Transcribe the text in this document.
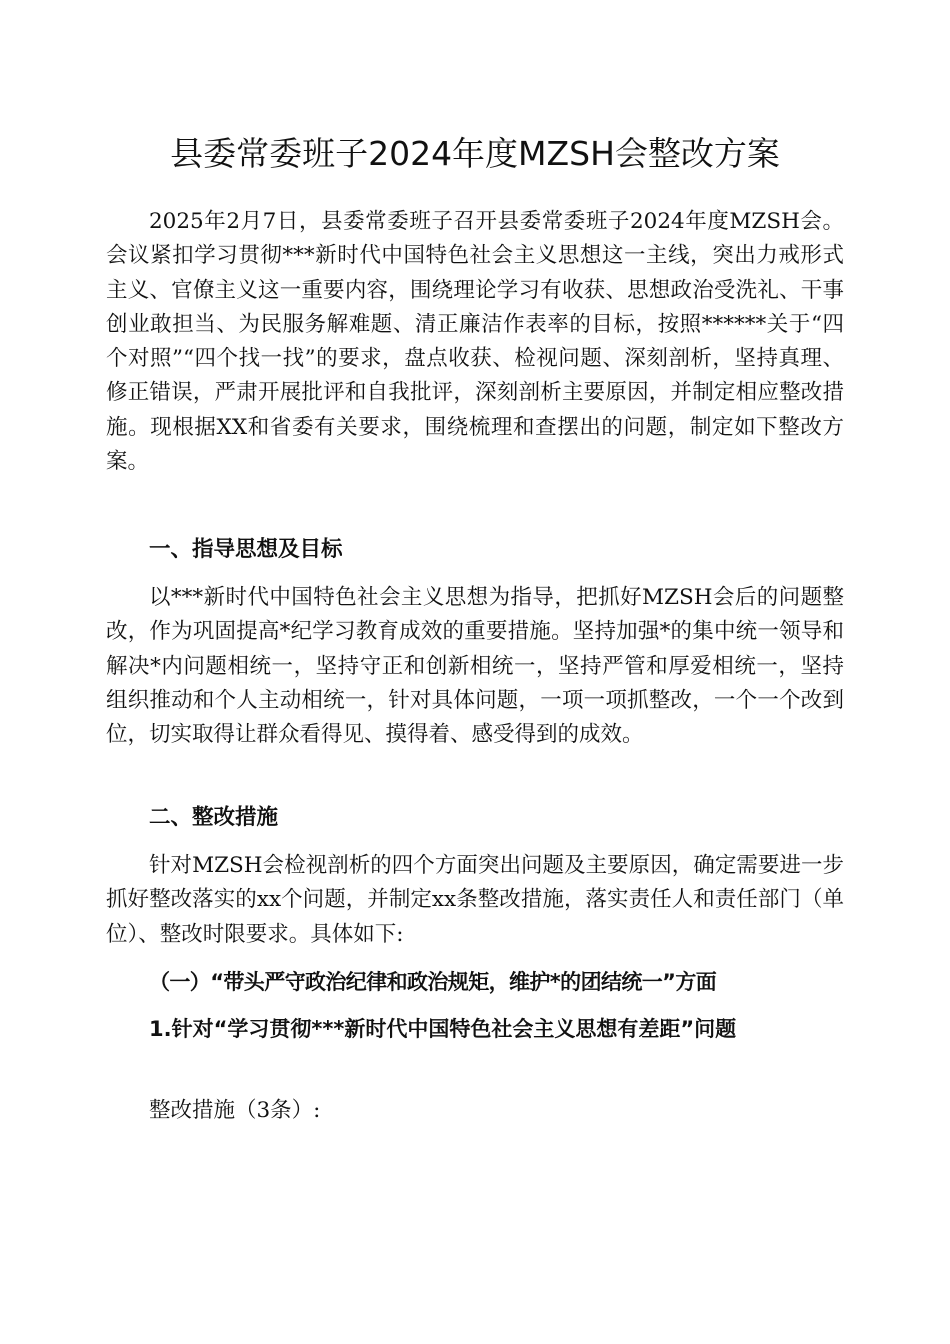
县委常委班子2024年度MZSH会整改方案

2025年2月7日，县委常委班子召开县委常委班子2024年度MZSH会。会议紧扣学习贯彻***新时代中国特色社会主义思想这一主线，突出力戒形式主义、官僚主义这一重要内容，围绕理论学习有收获、思想政治受洗礼、干事创业敢担当、为民服务解难题、清正廉洁作表率的目标，按照******关于“四个对照”“四个找一找”的要求，盘点收获、检视问题、深刻剖析，坚持真理、修正错误，严肃开展批评和自我批评，深刻剖析主要原因，并制定相应整改措施。现根据XX和省委有关要求，围绕梳理和查摆出的问题，制定如下整改方案。

一、指导思想及目标

以***新时代中国特色社会主义思想为指导，把抓好MZSH会后的问题整改，作为巩固提高*纪学习教育成效的重要措施。坚持加强*的集中统一领导和解决*内问题相统一，坚持守正和创新相统一，坚持严管和厚爱相统一，坚持组织推动和个人主动相统一，针对具体问题，一项一项抓整改，一个一个改到位，切实取得让群众看得见、摸得着、感受得到的成效。

二、整改措施

针对MZSH会检视剖析的四个方面突出问题及主要原因，确定需要进一步抓好整改落实的xx个问题，并制定xx条整改措施，落实责任人和责任部门（单位）、整改时限要求。具体如下:

（一）“带头严守政治纪律和政治规矩，维护*的团结统一”方面
1.针对“学习贯彻***新时代中国特色社会主义思想有差距”问题

整改措施（3条）:
